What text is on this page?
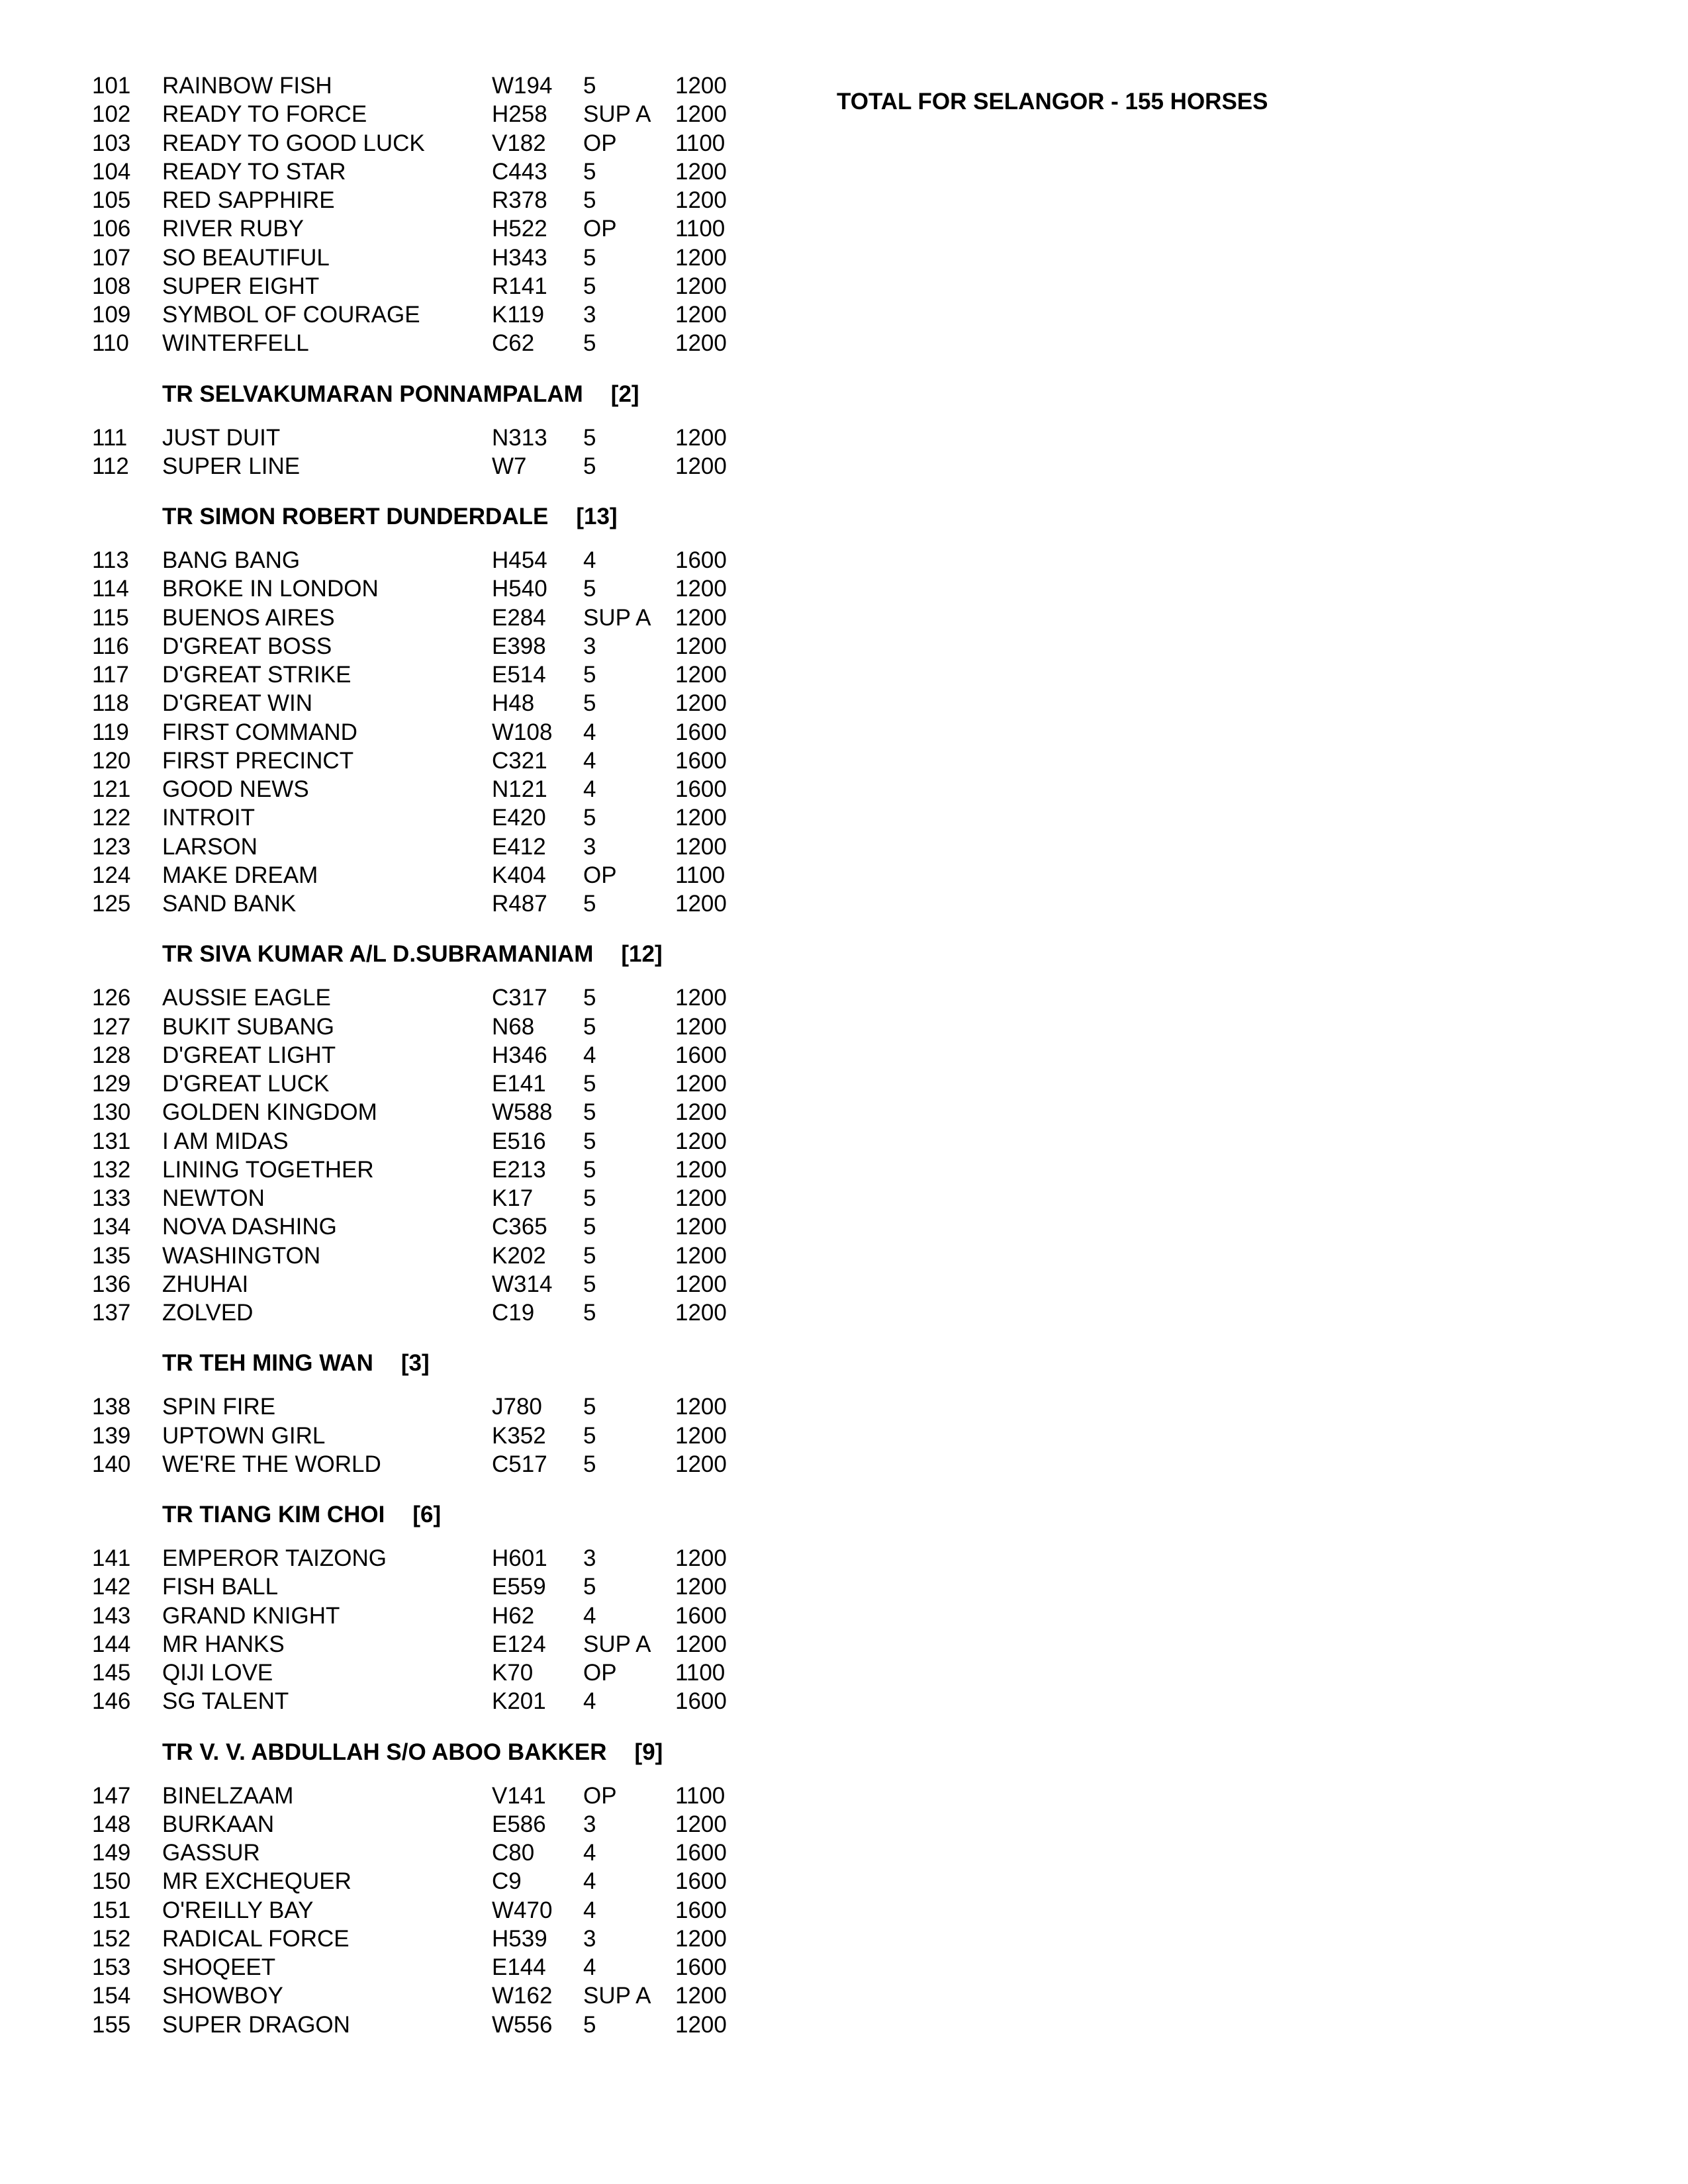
TOTAL FOR SELANGOR - 155 HORSES
101 RAINBOW FISH	W194 5	1200
102 READY TO FORCE	H258 SUP A 1200
103 READY TO GOOD LUCK	V182 OP	1100
104 READY TO STAR	C443 5	1200
105 RED SAPPHIRE	R378 5	1200
106 RIVER RUBY	H522 OP	1100
107 SO BEAUTIFUL	H343 5	1200
108 SUPER EIGHT	R141 5	1200
109 SYMBOL OF COURAGE	K119 3	1200
110 WINTERFELL	C62 5	1200
TR SELVAKUMARAN PONNAMPALAM [2]
111 JUST DUIT	N313 5	1200
112 SUPER LINE	W7 5	1200
TR SIMON ROBERT DUNDERDALE [13]
113 BANG BANG	H454 4	1600
114 BROKE IN LONDON	H540 5	1200
115 BUENOS AIRES	E284 SUP A 1200
116 D'GREAT BOSS	E398 3	1200
117 D'GREAT STRIKE	E514 5	1200
118 D'GREAT WIN	H48 5	1200
119 FIRST COMMAND	W108 4	1600
120 FIRST PRECINCT	C321 4	1600
121 GOOD NEWS	N121 4	1600
122 INTROIT	E420 5	1200
123 LARSON	E412 3	1200
124 MAKE DREAM	K404 OP	1100
125 SAND BANK	R487 5	1200
TR SIVA KUMAR A/L D.SUBRAMANIAM [12]
126 AUSSIE EAGLE	C317 5	1200
127 BUKIT SUBANG	N68 5	1200
128 D'GREAT LIGHT	H346 4	1600
129 D'GREAT LUCK	E141 5	1200
130 GOLDEN KINGDOM	W588 5	1200
131 I AM MIDAS	E516 5	1200
132 LINING TOGETHER	E213 5	1200
133 NEWTON	K17 5	1200
134 NOVA DASHING	C365 5	1200
135 WASHINGTON	K202 5	1200
136 ZHUHAI	W314 5	1200
137 ZOLVED	C19 5	1200
TR TEH MING WAN [3]
138 SPIN FIRE	J780 5	1200
139 UPTOWN GIRL	K352 5	1200
140 WE'RE THE WORLD	C517 5	1200
TR TIANG KIM CHOI [6]
141 EMPEROR TAIZONG	H601 3	1200
142 FISH BALL	E559 5	1200
143 GRAND KNIGHT	H62 4	1600
144 MR HANKS	E124 SUP A 1200
145 QIJI LOVE	K70 OP	1100
146 SG TALENT	K201 4	1600
TR V. V. ABDULLAH S/O ABOO BAKKER [9]
147 BINELZAAM	V141 OP	1100
148 BURKAAN	E586 3	1200
149 GASSUR	C80 4	1600
150 MR EXCHEQUER	C9	4	1600
151 O'REILLY BAY	W470 4	1600
152 RADICAL FORCE	H539 3	1200
153 SHOQEET	E144 4	1600
154 SHOWBOY	W162 SUP A 1200
155 SUPER DRAGON	W556 5	1200
